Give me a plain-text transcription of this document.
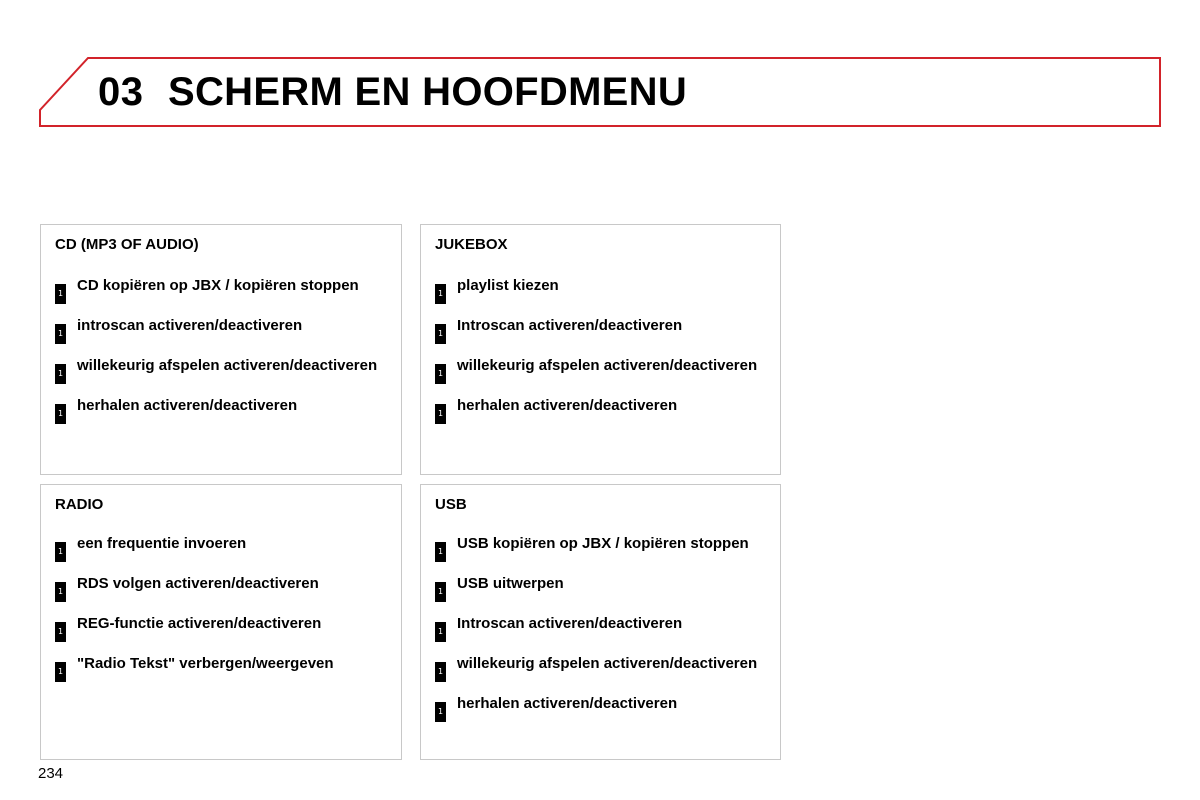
03 SCHERM EN HOOFDMENU
CD (MP3 OF AUDIO)
1 CD kopiëren op JBX / kopiëren stoppen
1 introscan activeren/deactiveren
1 willekeurig afspelen activeren/deactiveren
1 herhalen activeren/deactiveren
JUKEBOX
1 playlist kiezen
1 Introscan activeren/deactiveren
1 willekeurig afspelen activeren/deactiveren
1 herhalen activeren/deactiveren
RADIO
1 een frequentie invoeren
1 RDS volgen activeren/deactiveren
1 REG-functie activeren/deactiveren
1 "Radio Tekst" verbergen/weergeven
USB
1 USB kopiëren op JBX / kopiëren stoppen
1 USB uitwerpen
1 Introscan activeren/deactiveren
1 willekeurig afspelen activeren/deactiveren
1 herhalen activeren/deactiveren
234
